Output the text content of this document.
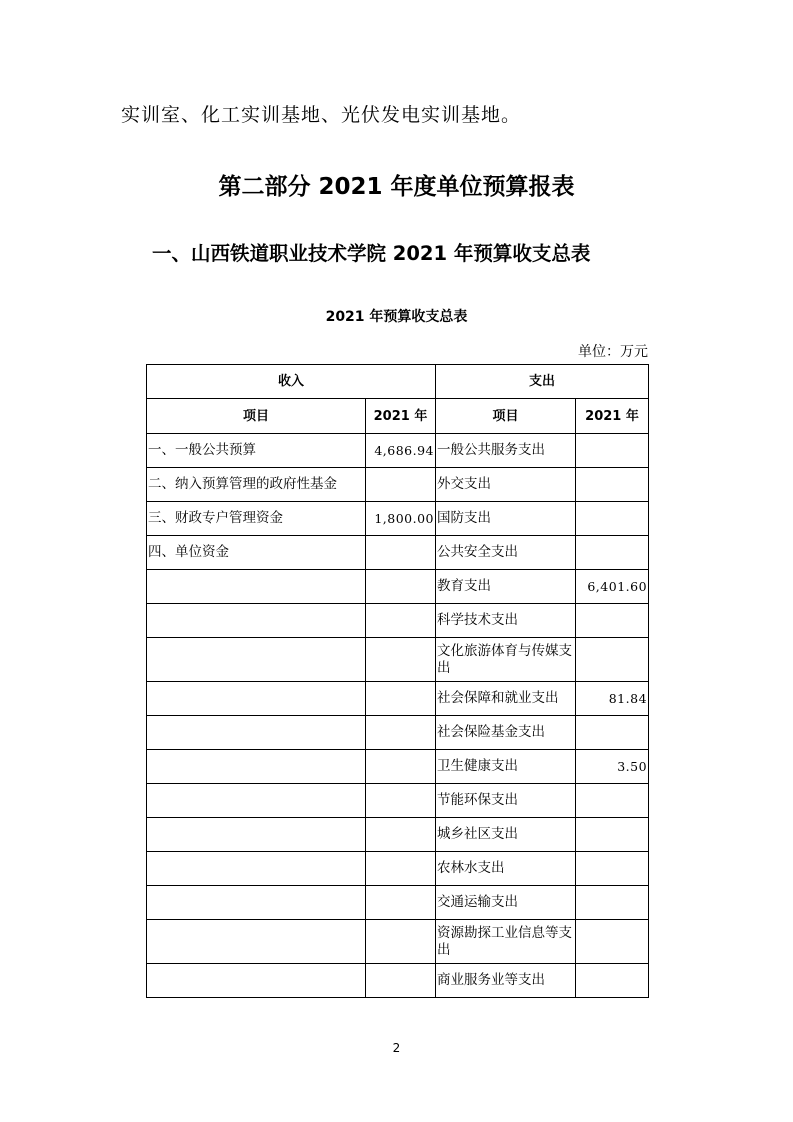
实训室、化工实训基地、光伏发电实训基地。

第二部分 2021 年度单位预算报表
一、山西铁道职业技术学院 2021 年预算收支总表

2021 年预算收支总表

单位：万元

收入		支出	
项目	2021 年	项目	2021 年
一、一般公共预算	4,686.94	一般公共服务支出	
二、纳入预算管理的政府性基金		外交支出	
三、财政专户管理资金	1,800.00	国防支出	
四、单位资金		公共安全支出	
		教育支出	6,401.60
		科学技术支出	
		文化旅游体育与传媒支出	
		社会保障和就业支出	81.84
		社会保险基金支出	
		卫生健康支出	3.50
		节能环保支出	
		城乡社区支出	
		农林水支出	
		交通运输支出	
		资源勘探工业信息等支出	
		商业服务业等支出	

2
